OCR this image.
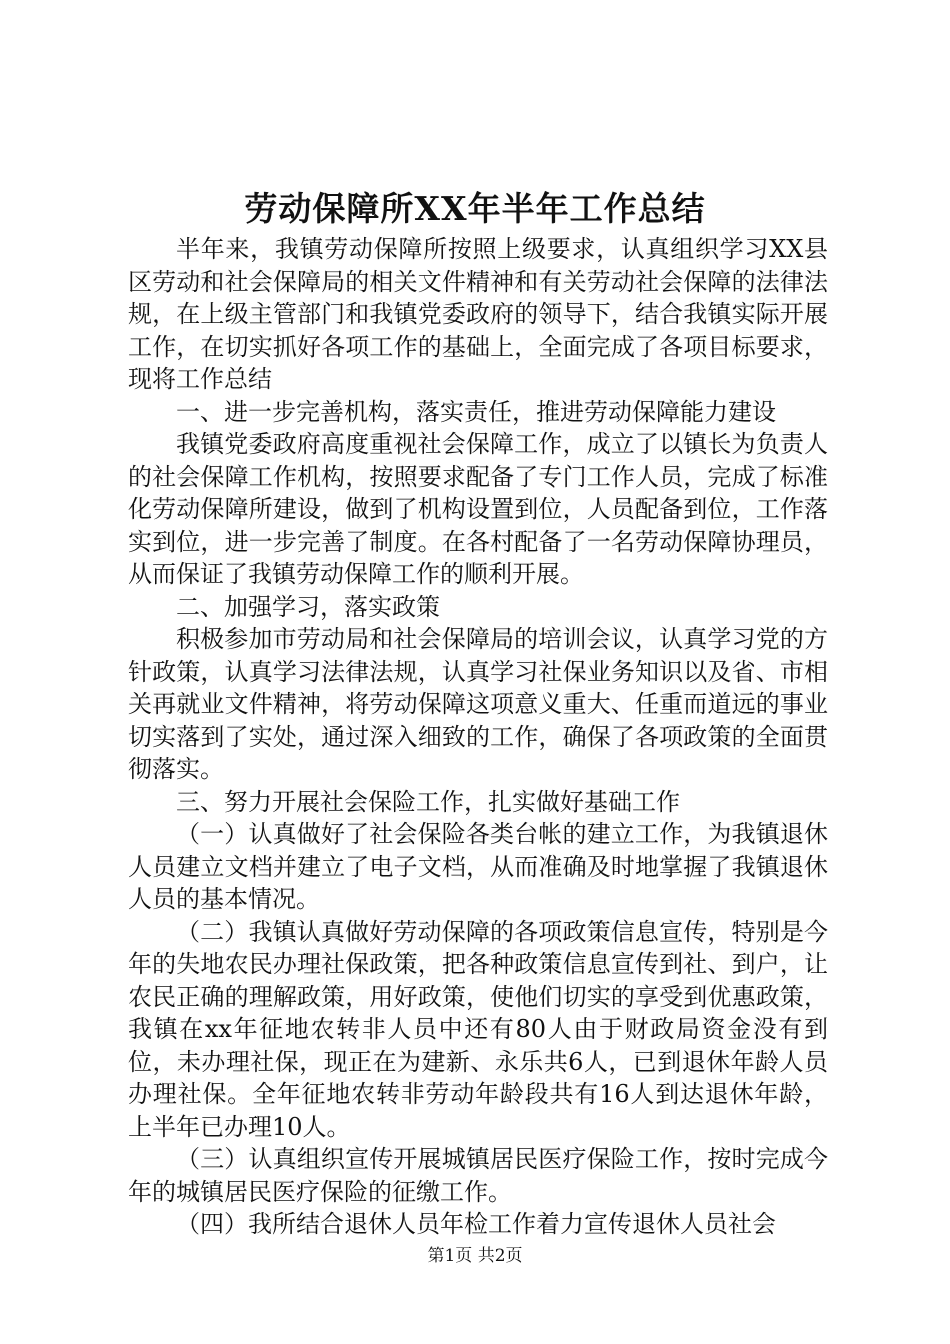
劳动保障所XX年半年工作总结

半年来，我镇劳动保障所按照上级要求，认真组织学习XX县区劳动和社会保障局的相关文件精神和有关劳动社会保障的法律法规，在上级主管部门和我镇党委政府的领导下，结合我镇实际开展工作，在切实抓好各项工作的基础上，全面完成了各项目标要求，现将工作总结

一、进一步完善机构，落实责任，推进劳动保障能力建设

我镇党委政府高度重视社会保障工作，成立了以镇长为负责人的社会保障工作机构，按照要求配备了专门工作人员，完成了标准化劳动保障所建设，做到了机构设置到位，人员配备到位，工作落实到位，进一步完善了制度。在各村配备了一名劳动保障协理员，从而保证了我镇劳动保障工作的顺利开展。

二、加强学习，落实政策

积极参加市劳动局和社会保障局的培训会议，认真学习党的方针政策，认真学习法律法规，认真学习社保业务知识以及省、市相关再就业文件精神，将劳动保障这项意义重大、任重而道远的事业切实落到了实处，通过深入细致的工作，确保了各项政策的全面贯彻落实。

三、努力开展社会保险工作，扎实做好基础工作

（一）认真做好了社会保险各类台帐的建立工作，为我镇退休人员建立文档并建立了电子文档，从而准确及时地掌握了我镇退休人员的基本情况。

（二）我镇认真做好劳动保障的各项政策信息宣传，特别是今年的失地农民办理社保政策，把各种政策信息宣传到社、到户，让农民正确的理解政策，用好政策，使他们切实的享受到优惠政策，我镇在xx年征地农转非人员中还有80人由于财政局资金没有到位，未办理社保，现正在为建新、永乐共6人，已到退休年龄人员办理社保。全年征地农转非劳动年龄段共有16人到达退休年龄，上半年已办理10人。

（三）认真组织宣传开展城镇居民医疗保险工作，按时完成今年的城镇居民医疗保险的征缴工作。

（四）我所结合退休人员年检工作着力宣传退休人员社会

第1页 共2页
